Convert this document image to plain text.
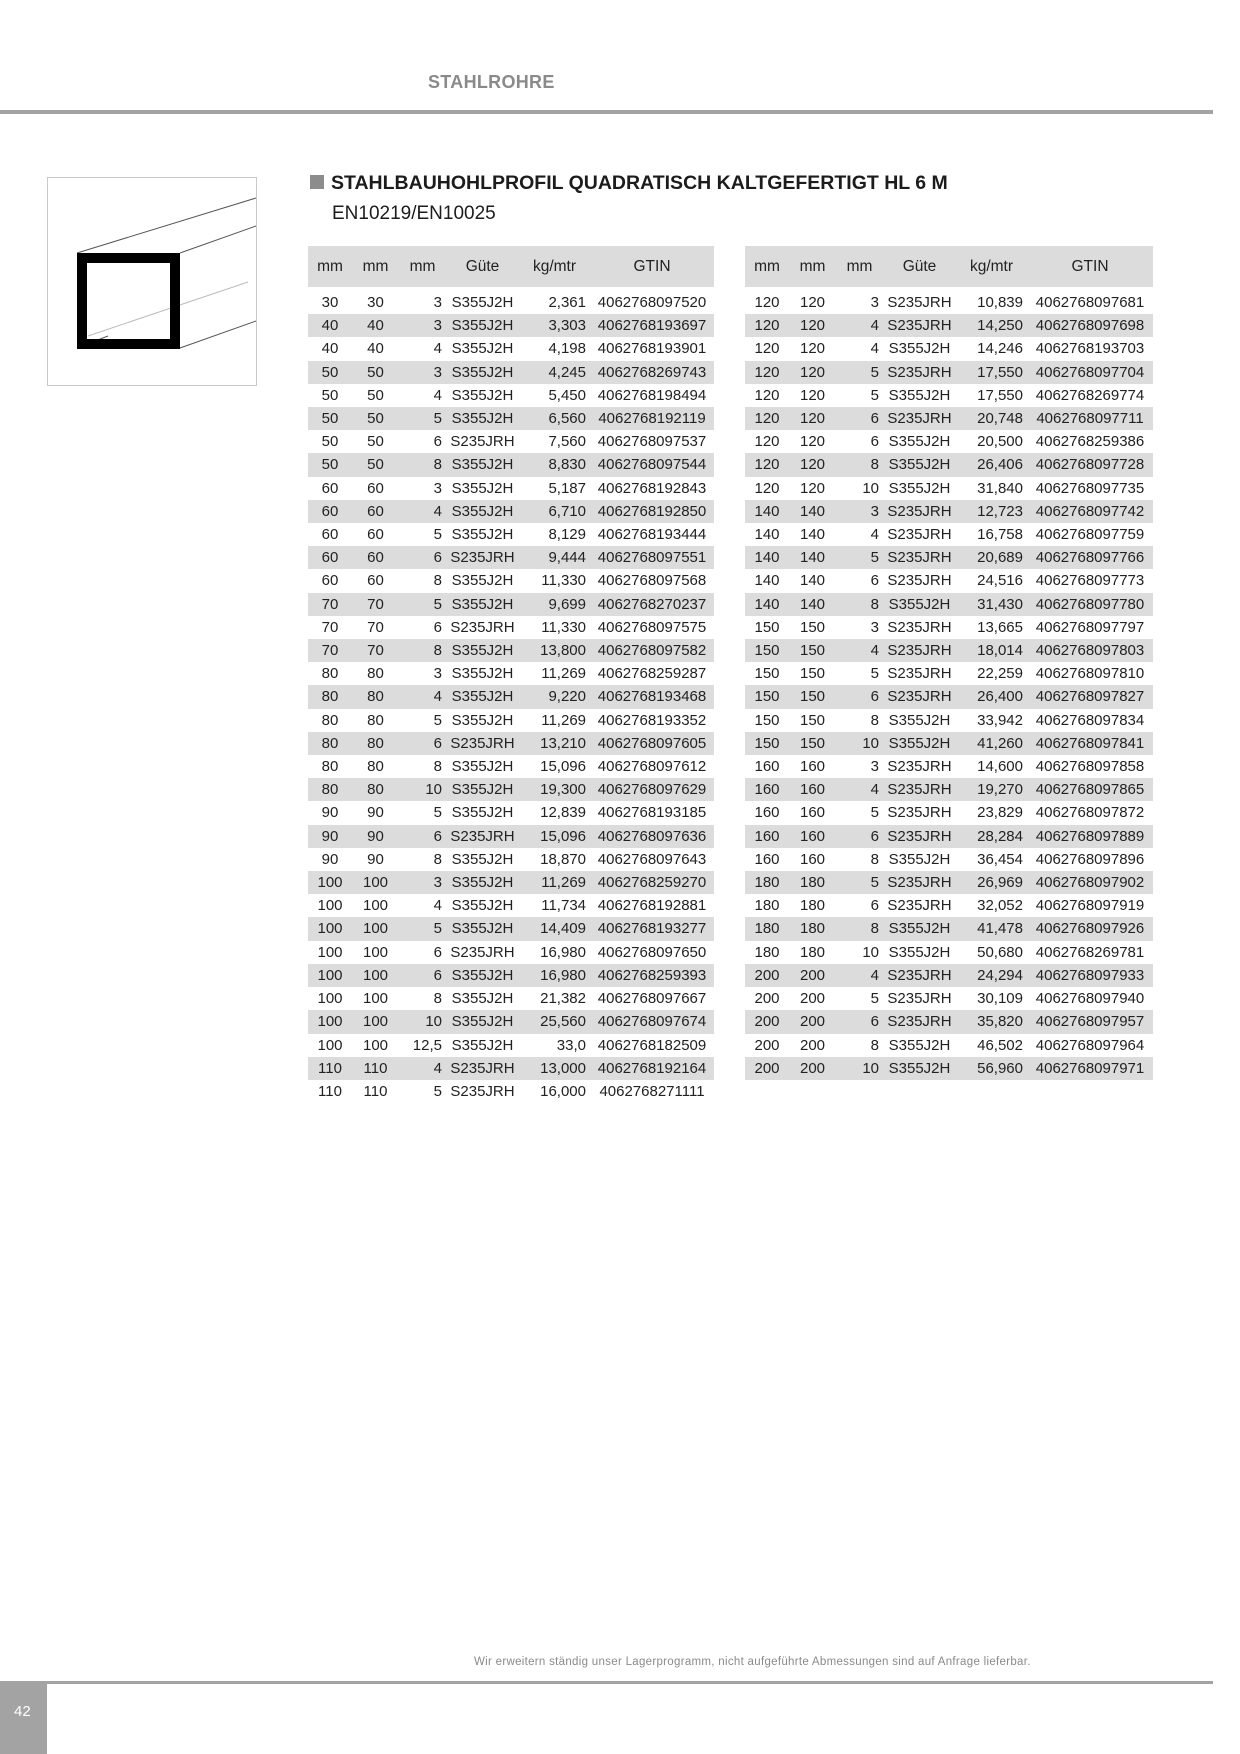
STAHLROHRE
STAHLBAUHOHLPROFIL QUADRATISCH KALTGEFERTIGT HL 6 M
EN10219/EN10025
mm	mm	mm	Güte	kg/mtr	GTIN

30	30	3	S355J2H	2,361	4062768097520
40	40	3	S355J2H	3,303	4062768193697
40	40	4	S355J2H	4,198	4062768193901
50	50	3	S355J2H	4,245	4062768269743
50	50	4	S355J2H	5,450	4062768198494
50	50	5	S355J2H	6,560	4062768192119
50	50	6	S235JRH	7,560	4062768097537
50	50	8	S355J2H	8,830	4062768097544
60	60	3	S355J2H	5,187	4062768192843
60	60	4	S355J2H	6,710	4062768192850
60	60	5	S355J2H	8,129	4062768193444
60	60	6	S235JRH	9,444	4062768097551
60	60	8	S355J2H	11,330	4062768097568
70	70	5	S355J2H	9,699	4062768270237
70	70	6	S235JRH	11,330	4062768097575
70	70	8	S355J2H	13,800	4062768097582
80	80	3	S355J2H	11,269	4062768259287
80	80	4	S355J2H	9,220	4062768193468
80	80	5	S355J2H	11,269	4062768193352
80	80	6	S235JRH	13,210	4062768097605
80	80	8	S355J2H	15,096	4062768097612
80	80	10	S355J2H	19,300	4062768097629
90	90	5	S355J2H	12,839	4062768193185
90	90	6	S235JRH	15,096	4062768097636
90	90	8	S355J2H	18,870	4062768097643
100	100	3	S355J2H	11,269	4062768259270
100	100	4	S355J2H	11,734	4062768192881
100	100	5	S355J2H	14,409	4062768193277
100	100	6	S235JRH	16,980	4062768097650
100	100	6	S355J2H	16,980	4062768259393
100	100	8	S355J2H	21,382	4062768097667
100	100	10	S355J2H	25,560	4062768097674
100	100	12,5	S355J2H	33,0	4062768182509
110	110	4	S235JRH	13,000	4062768192164
110	110	5	S235JRH	16,000	4062768271111
mm	mm	mm	Güte	kg/mtr	GTIN

120	120	3	S235JRH	10,839	4062768097681
120	120	4	S235JRH	14,250	4062768097698
120	120	4	S355J2H	14,246	4062768193703
120	120	5	S235JRH	17,550	4062768097704
120	120	5	S355J2H	17,550	4062768269774
120	120	6	S235JRH	20,748	4062768097711
120	120	6	S355J2H	20,500	4062768259386
120	120	8	S355J2H	26,406	4062768097728
120	120	10	S355J2H	31,840	4062768097735
140	140	3	S235JRH	12,723	4062768097742
140	140	4	S235JRH	16,758	4062768097759
140	140	5	S235JRH	20,689	4062768097766
140	140	6	S235JRH	24,516	4062768097773
140	140	8	S355J2H	31,430	4062768097780
150	150	3	S235JRH	13,665	4062768097797
150	150	4	S235JRH	18,014	4062768097803
150	150	5	S235JRH	22,259	4062768097810
150	150	6	S235JRH	26,400	4062768097827
150	150	8	S355J2H	33,942	4062768097834
150	150	10	S355J2H	41,260	4062768097841
160	160	3	S235JRH	14,600	4062768097858
160	160	4	S235JRH	19,270	4062768097865
160	160	5	S235JRH	23,829	4062768097872
160	160	6	S235JRH	28,284	4062768097889
160	160	8	S355J2H	36,454	4062768097896
180	180	5	S235JRH	26,969	4062768097902
180	180	6	S235JRH	32,052	4062768097919
180	180	8	S355J2H	41,478	4062768097926
180	180	10	S355J2H	50,680	4062768269781
200	200	4	S235JRH	24,294	4062768097933
200	200	5	S235JRH	30,109	4062768097940
200	200	6	S235JRH	35,820	4062768097957
200	200	8	S355J2H	46,502	4062768097964
200	200	10	S355J2H	56,960	4062768097971
Wir erweitern ständig unser Lagerprogramm, nicht aufgeführte Abmessungen sind auf Anfrage lieferbar.
42
